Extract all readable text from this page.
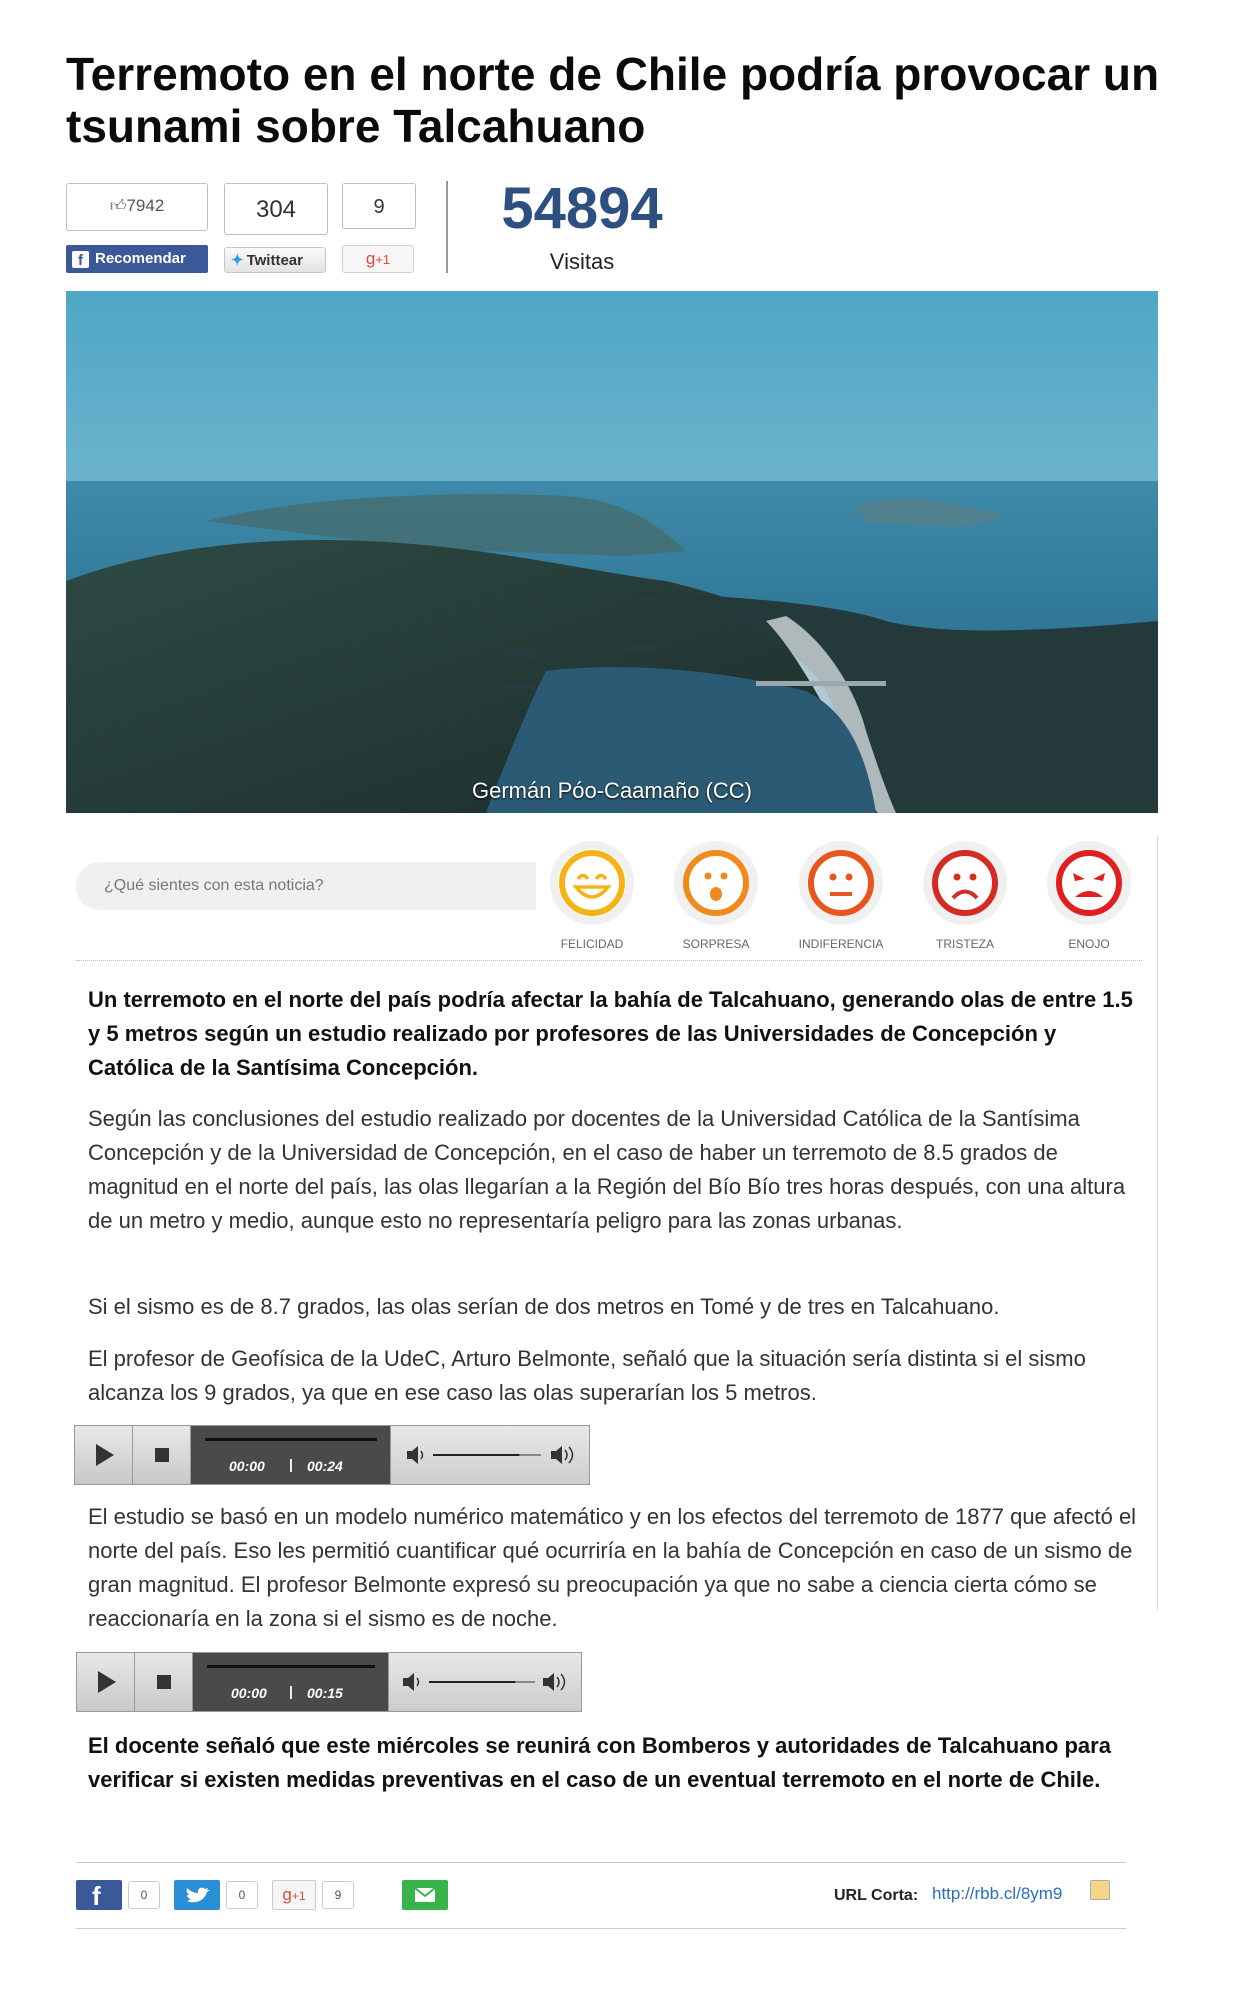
Terremoto en el norte de Chile podría provocar un tsunami sobre Talcahuano
👍︎7942
f Recomendar
304
✦ Twittear
9
g+1
54894
Visitas
Germán Póo-Caamaño (CC)
¿Qué sientes con esta noticia?
FELICIDAD	SORPRESA	INDIFERENCIA	TRISTEZA	ENOJO

Un terremoto en el norte del país podría afectar la bahía de Talcahuano, generando olas de entre 1.5 y 5 metros según un estudio realizado por profesores de las Universidades de Concepción y Católica de la Santísima Concepción.

Según las conclusiones del estudio realizado por docentes de la Universidad Católica de la Santísima Concepción y de la Universidad de Concepción, en el caso de haber un terremoto de 8.5 grados de magnitud en el norte del país, las olas llegarían a la Región del Bío Bío tres horas después, con una altura de un metro y medio, aunque esto no representaría peligro para las zonas urbanas.

Si el sismo es de 8.7 grados, las olas serían de dos metros en Tomé y de tres en Talcahuano.

El profesor de Geofísica de la UdeC, Arturo Belmonte, señaló que la situación sería distinta si el sismo alcanza los 9 grados, ya que en ese caso las olas superarían los 5 metros.

00:00 | 00:24

El estudio se basó en un modelo numérico matemático y en los efectos del terremoto de 1877 que afectó el norte del país. Eso les permitió cuantificar qué ocurriría en la bahía de Concepción en caso de un sismo de gran magnitud. El profesor Belmonte expresó su preocupación ya que no sabe a ciencia cierta cómo se reaccionaría en la zona si el sismo es de noche.

00:00 | 00:15

El docente señaló que este miércoles se reunirá con Bomberos y autoridades de Talcahuano para verificar si existen medidas preventivas en el caso de un eventual terremoto en el norte de Chile.

f	0	0	g+1	9	URL Corta: http://rbb.cl/8ym9
